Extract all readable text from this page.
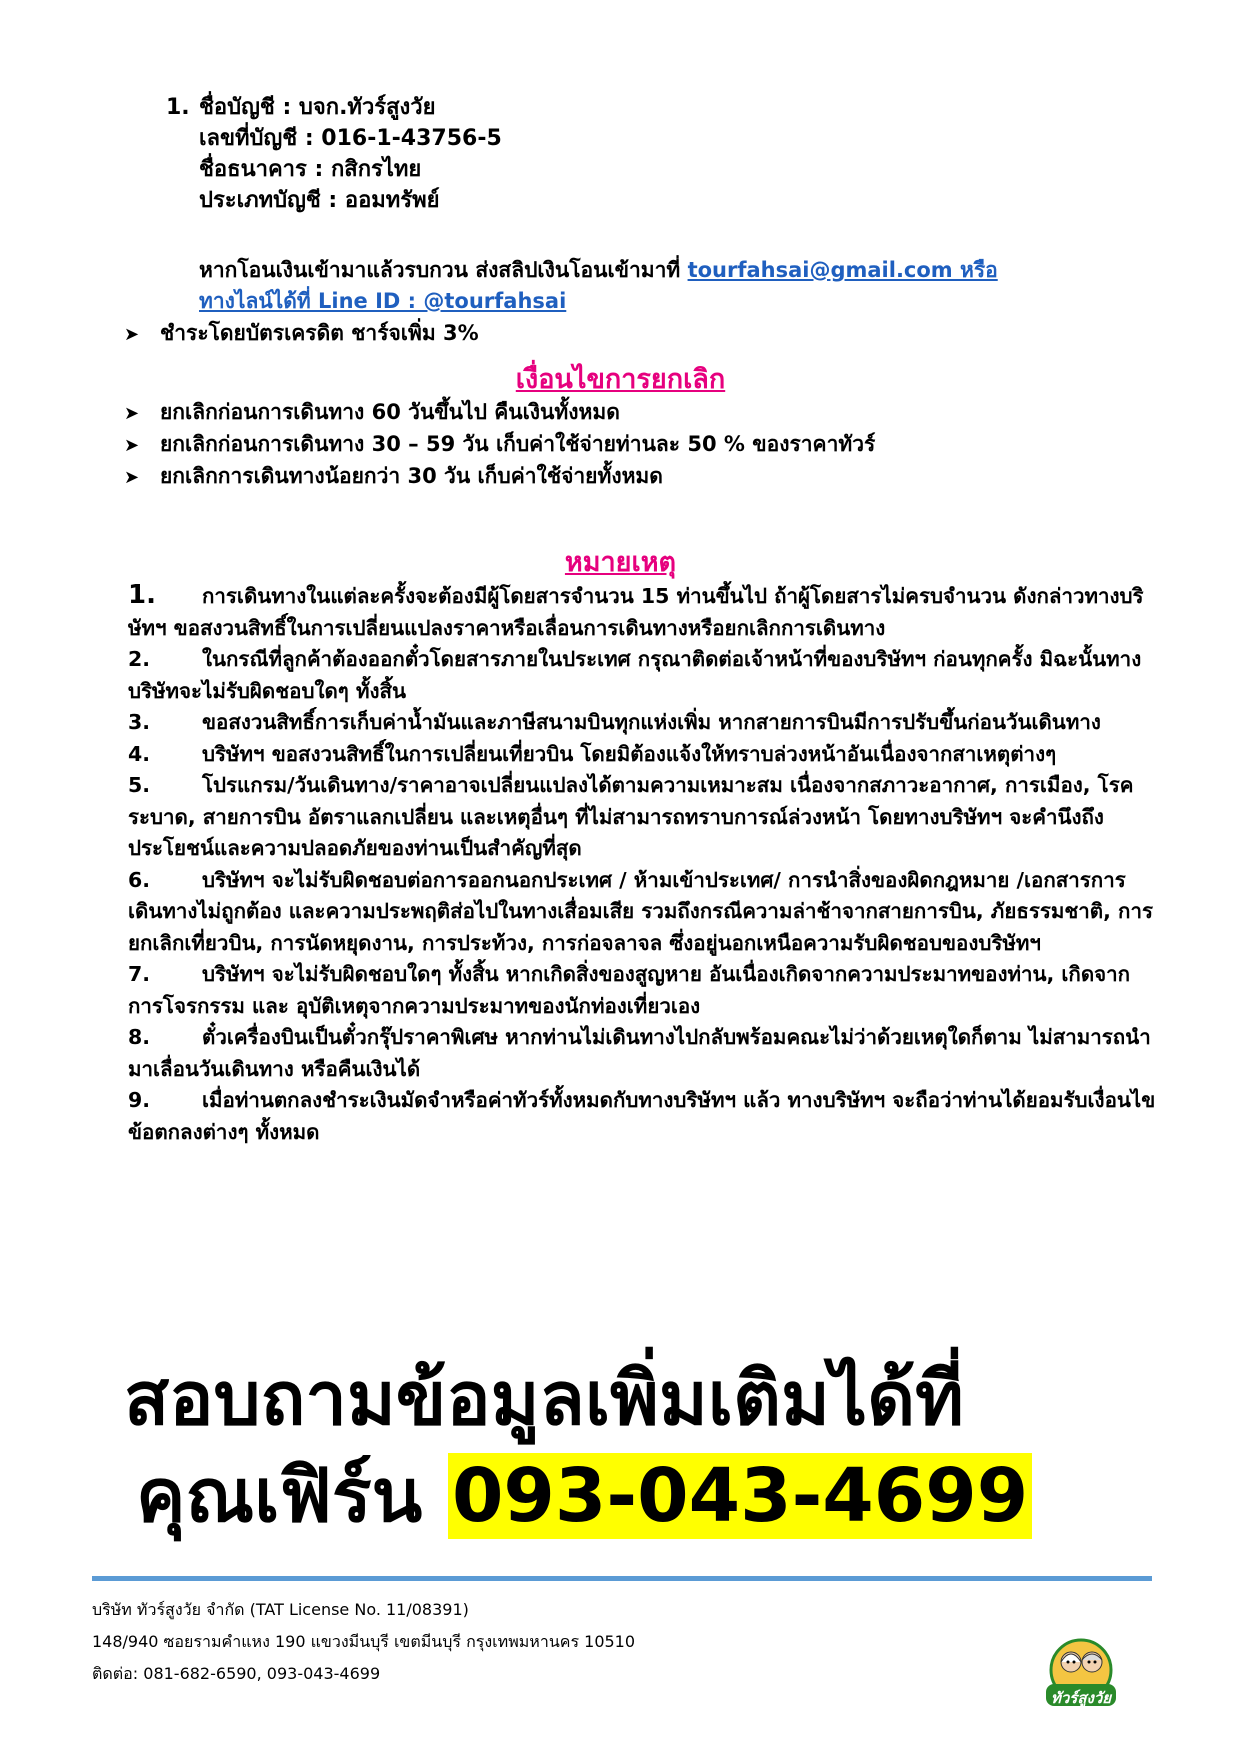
1. ชื่อบัญชี : บจก.ทัวร์สูงวัย
เลขที่บัญชี : 016-1-43756-5
ชื่อธนาคาร : กสิกรไทย
ประเภทบัญชี : ออมทรัพย์
หากโอนเงินเข้ามาแล้วรบกวน ส่งสลิปเงินโอนเข้ามาที่ tourfahsai@gmail.com หรือ
ทางไลน์ได้ที่ Line ID : @tourfahsai
➤ ชำระโดยบัตรเครดิต ชาร์จเพิ่ม 3%
เงื่อนไขการยกเลิก
➤ ยกเลิกก่อนการเดินทาง 60 วันขึ้นไป คืนเงินทั้งหมด
➤ ยกเลิกก่อนการเดินทาง 30 – 59 วัน เก็บค่าใช้จ่ายท่านละ 50 % ของราคาทัวร์
➤ ยกเลิกการเดินทางน้อยกว่า 30 วัน เก็บค่าใช้จ่ายทั้งหมด
หมายเหตุ

1. การเดินทางในแต่ละครั้งจะต้องมีผู้โดยสารจำนวน 15 ท่านขึ้นไป ถ้าผู้โดยสารไม่ครบจำนวน ดังกล่าวทางบริษัทฯ ขอสงวนสิทธิ์ในการเปลี่ยนแปลงราคาหรือเลื่อนการเดินทางหรือยกเลิกการเดินทาง

2.	ในกรณีที่ลูกค้าต้องออกตั๋วโดยสารภายในประเทศ กรุณาติดต่อเจ้าหน้าที่ของบริษัทฯ ก่อนทุกครั้ง มิฉะนั้นทางบริษัทจะไม่รับผิดชอบใดๆ ทั้งสิ้น

3.	ขอสงวนสิทธิ์การเก็บค่าน้ำมันและภาษีสนามบินทุกแห่งเพิ่ม หากสายการบินมีการปรับขึ้นก่อนวันเดินทาง

4.	บริษัทฯ ขอสงวนสิทธิ์ในการเปลี่ยนเที่ยวบิน โดยมิต้องแจ้งให้ทราบล่วงหน้าอันเนื่องจากสาเหตุต่างๆ

5.	โปรแกรม/วันเดินทาง/ราคาอาจเปลี่ยนแปลงได้ตามความเหมาะสม เนื่องจากสภาวะอากาศ, การเมือง, โรคระบาด, สายการบิน อัตราแลกเปลี่ยน และเหตุอื่นๆ ที่ไม่สามารถทราบการณ์ล่วงหน้า โดยทางบริษัทฯ จะคำนึงถึงประโยชน์และความปลอดภัยของท่านเป็นสำคัญที่สุด

6.	บริษัทฯ จะไม่รับผิดชอบต่อการออกนอกประเทศ / ห้ามเข้าประเทศ/ การนำสิ่งของผิดกฎหมาย /เอกสารการเดินทางไม่ถูกต้อง และความประพฤติส่อไปในทางเสื่อมเสีย รวมถึงกรณีความล่าช้าจากสายการบิน, ภัยธรรมชาติ, การยกเลิกเที่ยวบิน, การนัดหยุดงาน, การประท้วง, การก่อจลาจล ซึ่งอยู่นอกเหนือความรับผิดชอบของบริษัทฯ

7.	บริษัทฯ จะไม่รับผิดชอบใดๆ ทั้งสิ้น หากเกิดสิ่งของสูญหาย อันเนื่องเกิดจากความประมาทของท่าน, เกิดจากการโจรกรรม และ อุบัติเหตุจากความประมาทของนักท่องเที่ยวเอง

8.	ตั๋วเครื่องบินเป็นตั๋วกรุ๊ปราคาพิเศษ หากท่านไม่เดินทางไปกลับพร้อมคณะไม่ว่าด้วยเหตุใดก็ตาม ไม่สามารถนำมาเลื่อนวันเดินทาง หรือคืนเงินได้

9.	เมื่อท่านตกลงชำระเงินมัดจำหรือค่าทัวร์ทั้งหมดกับทางบริษัทฯ แล้ว ทางบริษัทฯ จะถือว่าท่านได้ยอมรับเงื่อนไขข้อตกลงต่างๆ ทั้งหมด

สอบถามข้อมูลเพิ่มเติมได้ที่
คุณเฟิร์น 093-043-4699
บริษัท ทัวร์สูงวัย จำกัด (TAT License No. 11/08391)
148/940 ซอยรามคำแหง 190 แขวงมีนบุรี เขตมีนบุรี กรุงเทพมหานคร 10510
ติดต่อ: 081-682-6590, 093-043-4699
ทัวร์สูงวัย
